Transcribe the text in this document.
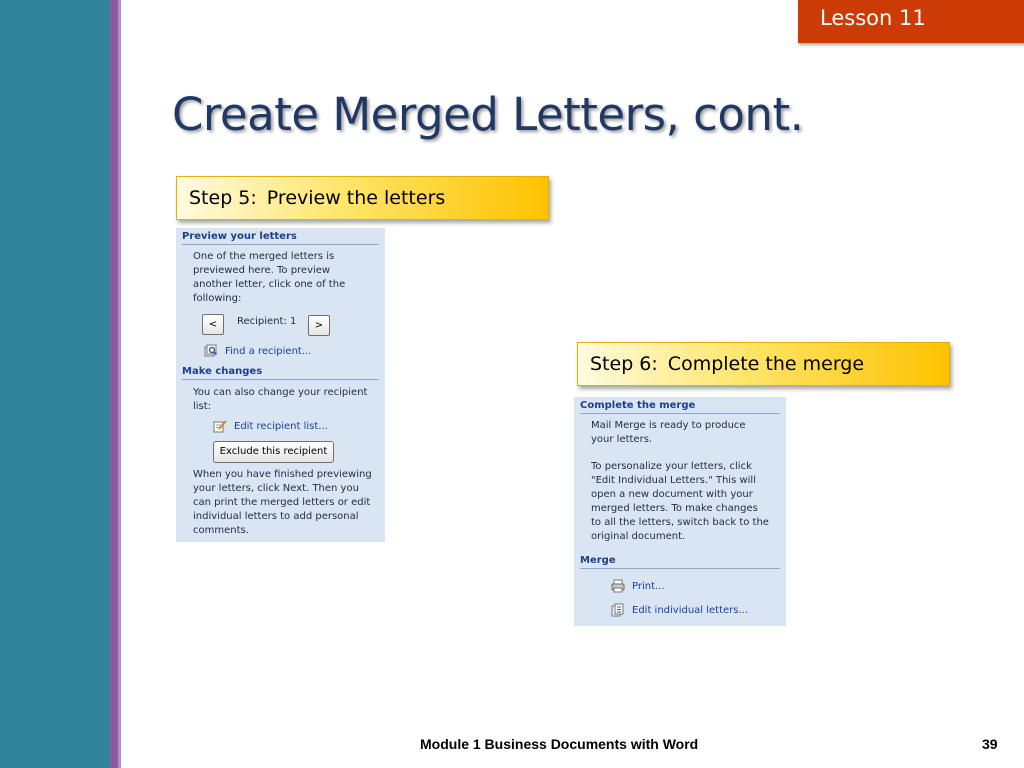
Lesson 11
Create Merged Letters, cont.
Step 5: Preview the letters
Step 6: Complete the merge
Preview your letters
One of the merged letters is
previewed here. To preview
another letter, click one of the
following:
<	Recipient: 1	>
Find a recipient...
Make changes
You can also change your recipient
list:
Edit recipient list...
Exclude this recipient
When you have finished previewing
your letters, click Next. Then you
can print the merged letters or edit
individual letters to add personal
comments.
Complete the merge
Mail Merge is ready to produce
your letters.
To personalize your letters, click
"Edit Individual Letters." This will
open a new document with your
merged letters. To make changes
to all the letters, switch back to the
original document.
Merge
Print...
Edit individual letters...
Module 1 Business Documents with Word	39
